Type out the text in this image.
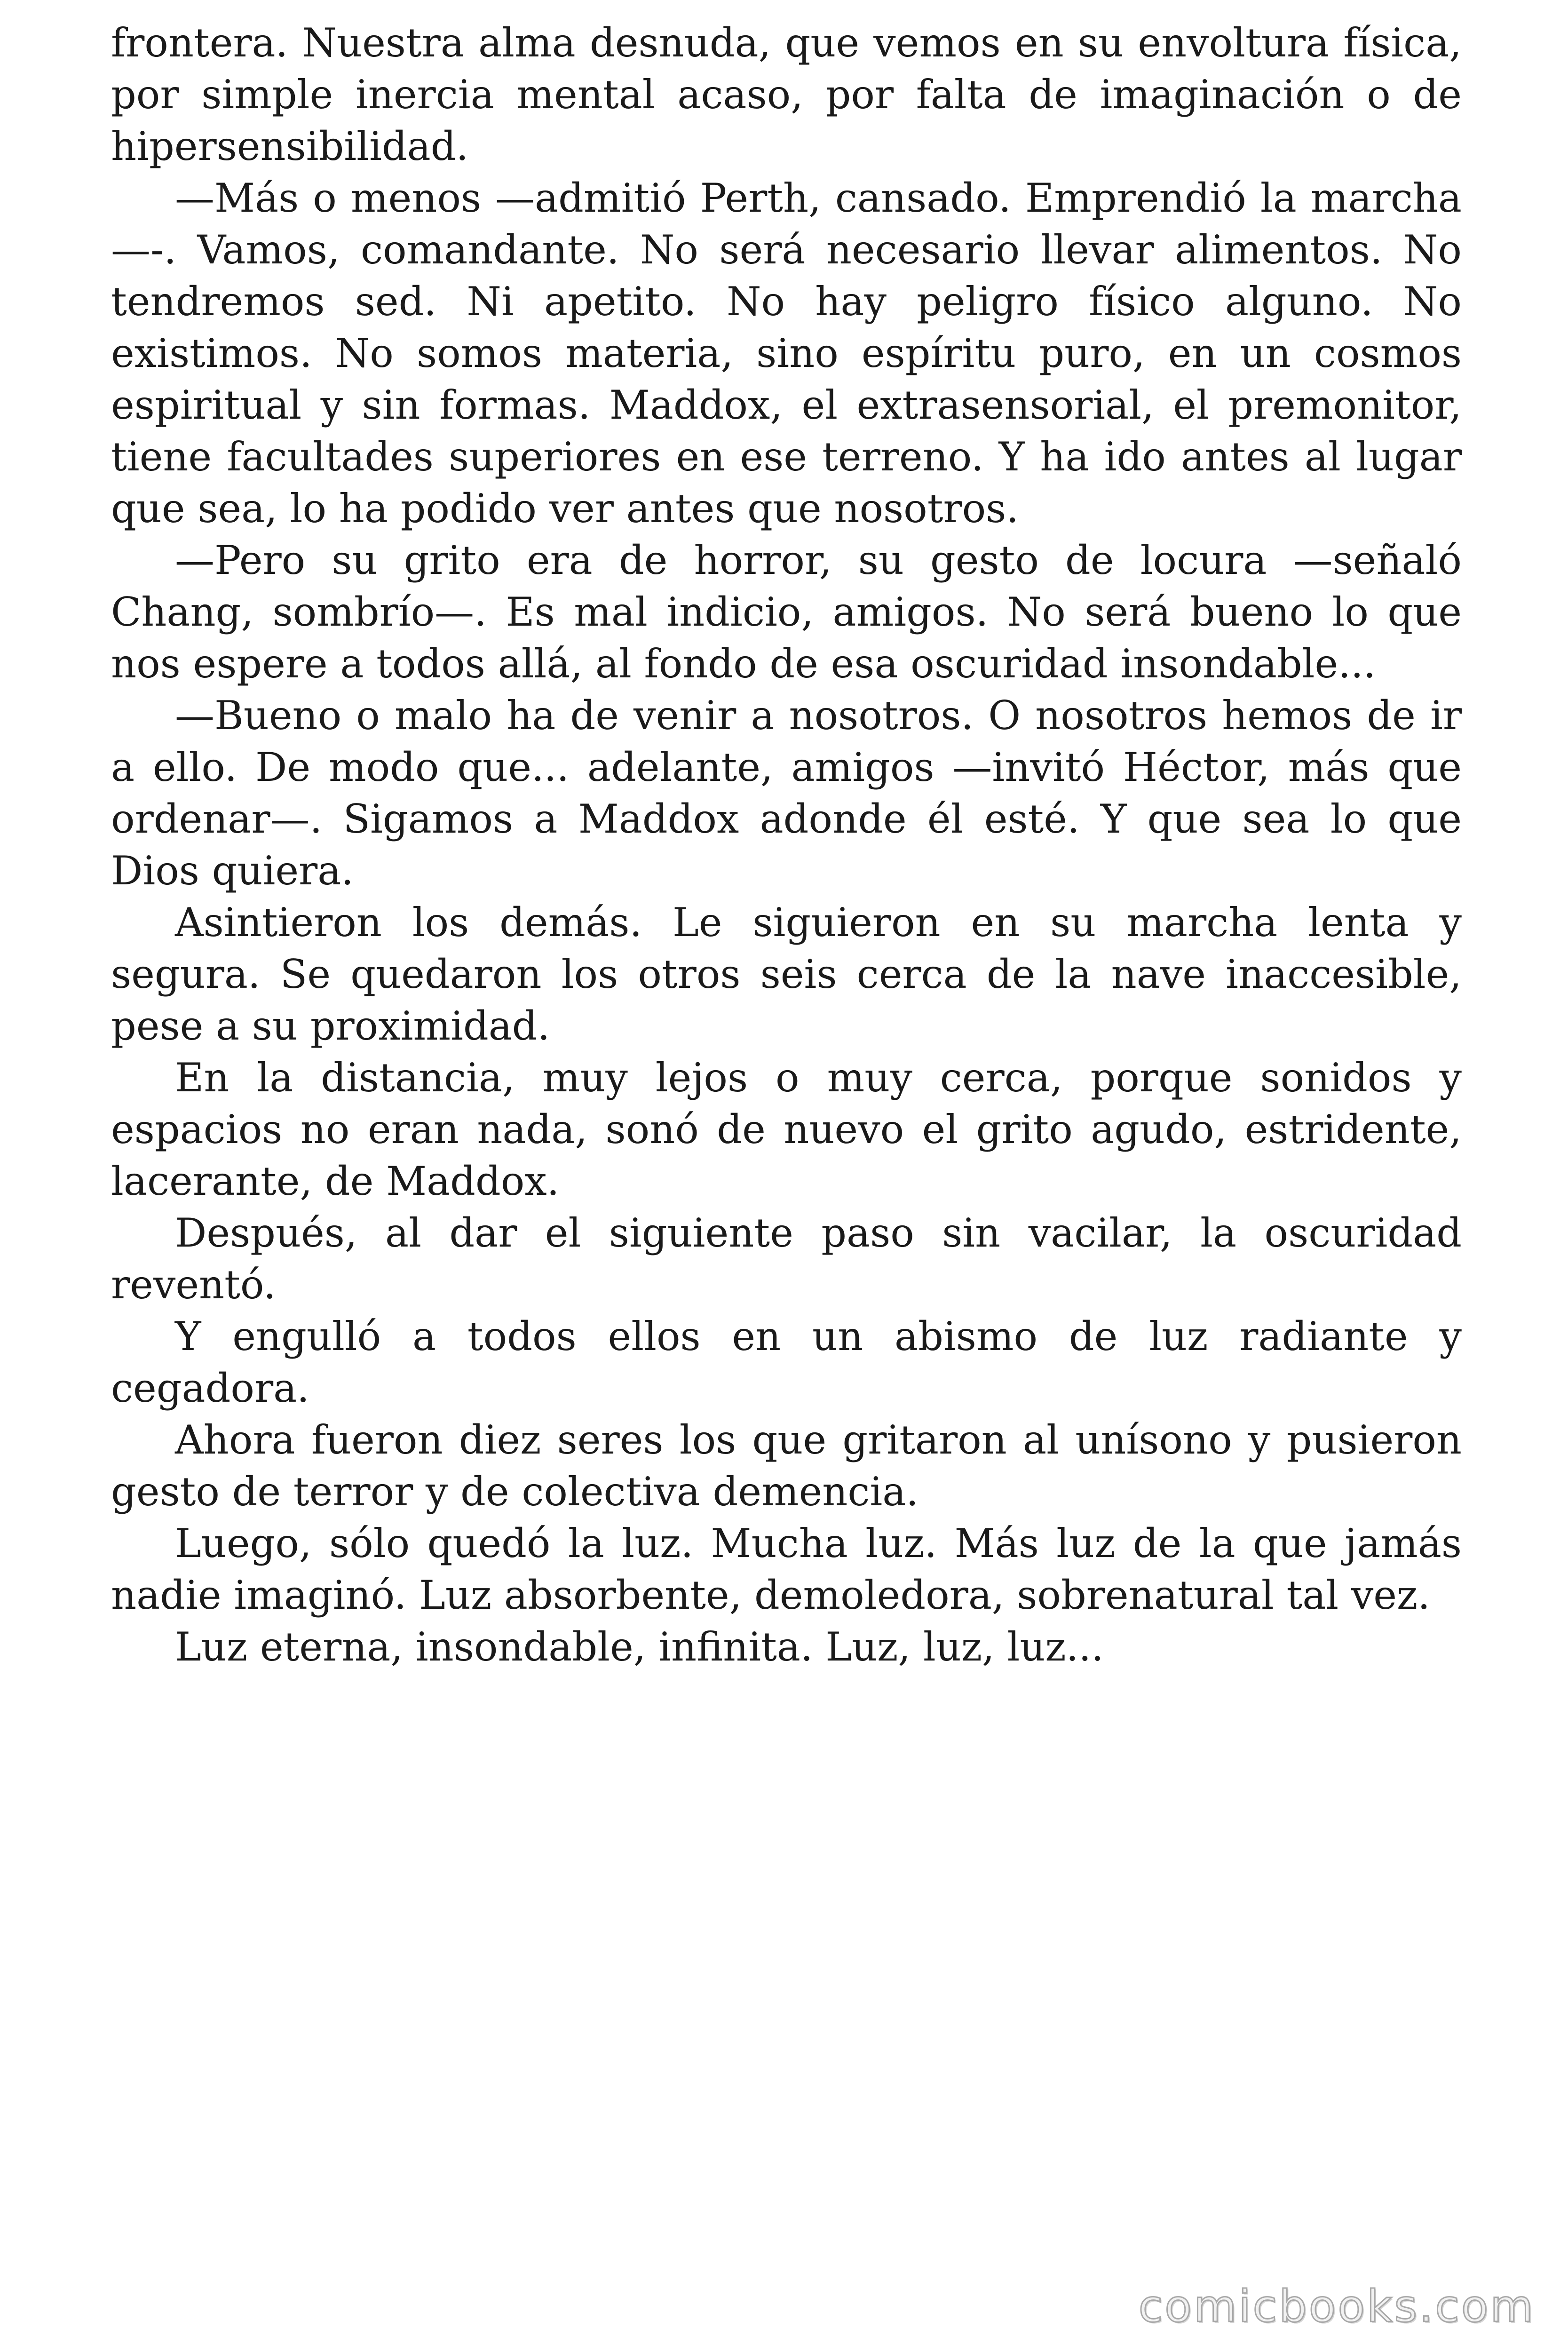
frontera. Nuestra alma desnuda, que vemos en su envoltura física, por simple inercia mental acaso, por falta de imaginación o de hipersensibilidad.

—Más o menos —admitió Perth, cansado. Emprendió la marcha —-. Vamos, comandante. No será necesario llevar alimentos. No tendremos sed. Ni apetito. No hay peligro físico alguno. No existimos. No somos materia, sino espíritu puro, en un cosmos espiritual y sin formas. Maddox, el extrasensorial, el premonitor, tiene facultades superiores en ese terreno. Y ha ido antes al lugar que sea, lo ha podido ver antes que nosotros.

—Pero su grito era de horror, su gesto de locura —señaló Chang, sombrío—. Es mal indicio, amigos. No será bueno lo que nos espere a todos allá, al fondo de esa oscuridad insondable...

—Bueno o malo ha de venir a nosotros. O nosotros hemos de ir a ello. De modo que... adelante, amigos —invitó Héctor, más que ordenar—. Sigamos a Maddox adonde él esté. Y que sea lo que Dios quiera.

Asintieron los demás. Le siguieron en su marcha lenta y segura. Se quedaron los otros seis cerca de la nave inaccesible, pese a su proximidad.

En la distancia, muy lejos o muy cerca, porque sonidos y espacios no eran nada, sonó de nuevo el grito agudo, estridente, lacerante, de Maddox.

Después, al dar el siguiente paso sin vacilar, la oscuridad reventó.

Y engulló a todos ellos en un abismo de luz radiante y cegadora.

Ahora fueron diez seres los que gritaron al unísono y pusieron gesto de terror y de colectiva demencia.

Luego, sólo quedó la luz. Mucha luz. Más luz de la que jamás nadie imaginó. Luz absorbente, demoledora, sobrenatural tal vez.

Luz eterna, insondable, infinita. Luz, luz, luz...

comicbooks.com
